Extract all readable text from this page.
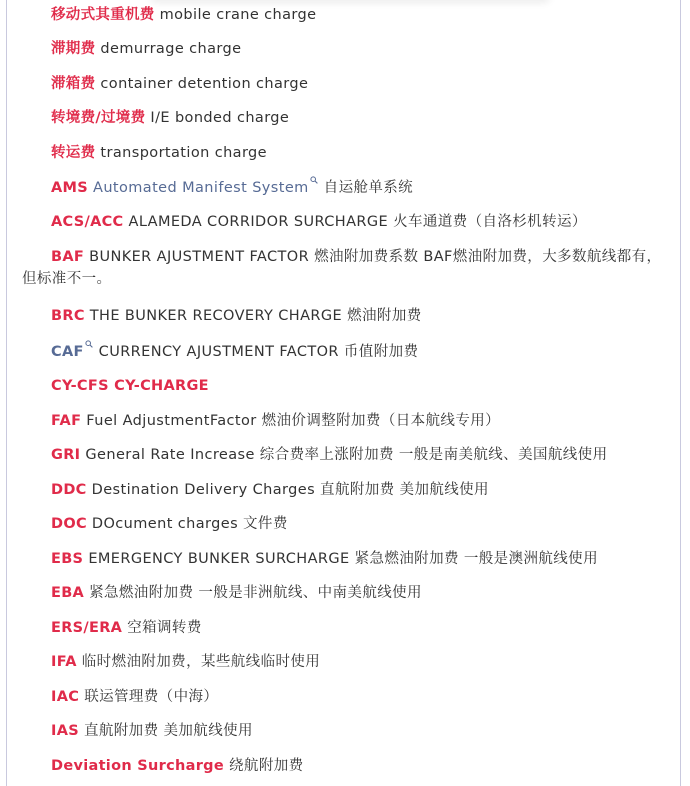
移动式其重机费 mobile crane charge

滞期费 demurrage charge

滞箱费 container detention charge

转境费/过境费 I/E bonded charge

转运费 transportation charge

AMS Automated Manifest System 自运舱单系统

ACS/ACC ALAMEDA CORRIDOR SURCHARGE 火车通道费（自洛杉机转运）

BAF BUNKER AJUSTMENT FACTOR 燃油附加费系数 BAF燃油附加费，大多数航线都有，但标准不一。

BRC THE BUNKER RECOVERY CHARGE 燃油附加费

CAF CURRENCY AJUSTMENT FACTOR 币值附加费

CY-CFS CY-CHARGE

FAF Fuel AdjustmentFactor 燃油价调整附加费（日本航线专用）

GRI General Rate Increase 综合费率上涨附加费 一般是南美航线、美国航线使用

DDC Destination Delivery Charges 直航附加费 美加航线使用

DOC DOcument charges 文件费

EBS EMERGENCY BUNKER SURCHARGE 紧急燃油附加费 一般是澳洲航线使用

EBA 紧急燃油附加费 一般是非洲航线、中南美航线使用

ERS/ERA 空箱调转费

IFA 临时燃油附加费，某些航线临时使用

IAC 联运管理费（中海）

IAS 直航附加费 美加航线使用

Deviation Surcharge 绕航附加费
